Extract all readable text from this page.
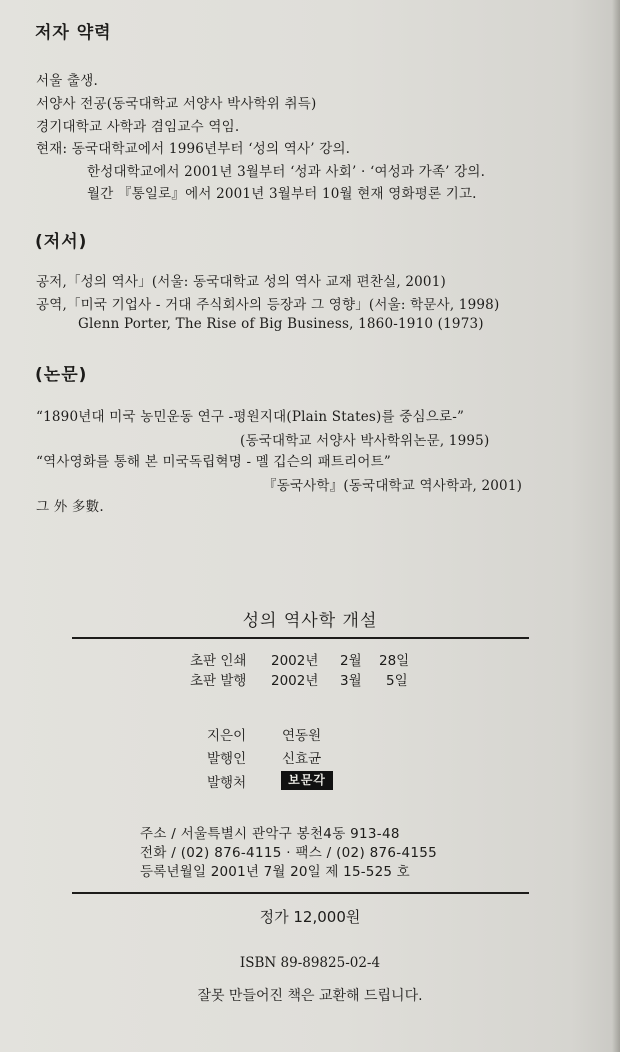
저자 약력
서울 출생.
서양사 전공(동국대학교 서양사 박사학위 취득)
경기대학교 사학과 겸임교수 역임.
현재: 동국대학교에서 1996년부터 ‘성의 역사’ 강의.
한성대학교에서 2001년 3월부터 ‘성과 사회’ · ‘여성과 가족’ 강의.
월간 『통일로』에서 2001년 3월부터 10월 현재 영화평론 기고.
(저서)
공저,「성의 역사」(서울: 동국대학교 성의 역사 교재 편찬실, 2001)
공역,「미국 기업사 - 거대 주식회사의 등장과 그 영향」(서울: 학문사, 1998)
Glenn Porter, The Rise of Big Business, 1860-1910 (1973)
(논문)
“1890년대 미국 농민운동 연구 -평원지대(Plain States)를 중심으로-”
(동국대학교 서양사 박사학위논문, 1995)
“역사영화를 통해 본 미국독립혁명 - 멜 깁슨의 패트리어트”
『동국사학』(동국대학교 역사학과, 2001)
그 外 多數.
성의 역사학 개설
초판 인쇄 2002년 2월 28일
초판 발행 2002년 3월 5일
지은이	연동원
발행인	신효균
발행처	보문각
주소 / 서울특별시 관악구 봉천4동 913-48
전화 / (02) 876-4115 · 팩스 / (02) 876-4155
등록년월일 2001년 7월 20일 제 15-525 호
정가 12,000원
ISBN 89-89825-02-4
잘못 만들어진 책은 교환해 드립니다.
